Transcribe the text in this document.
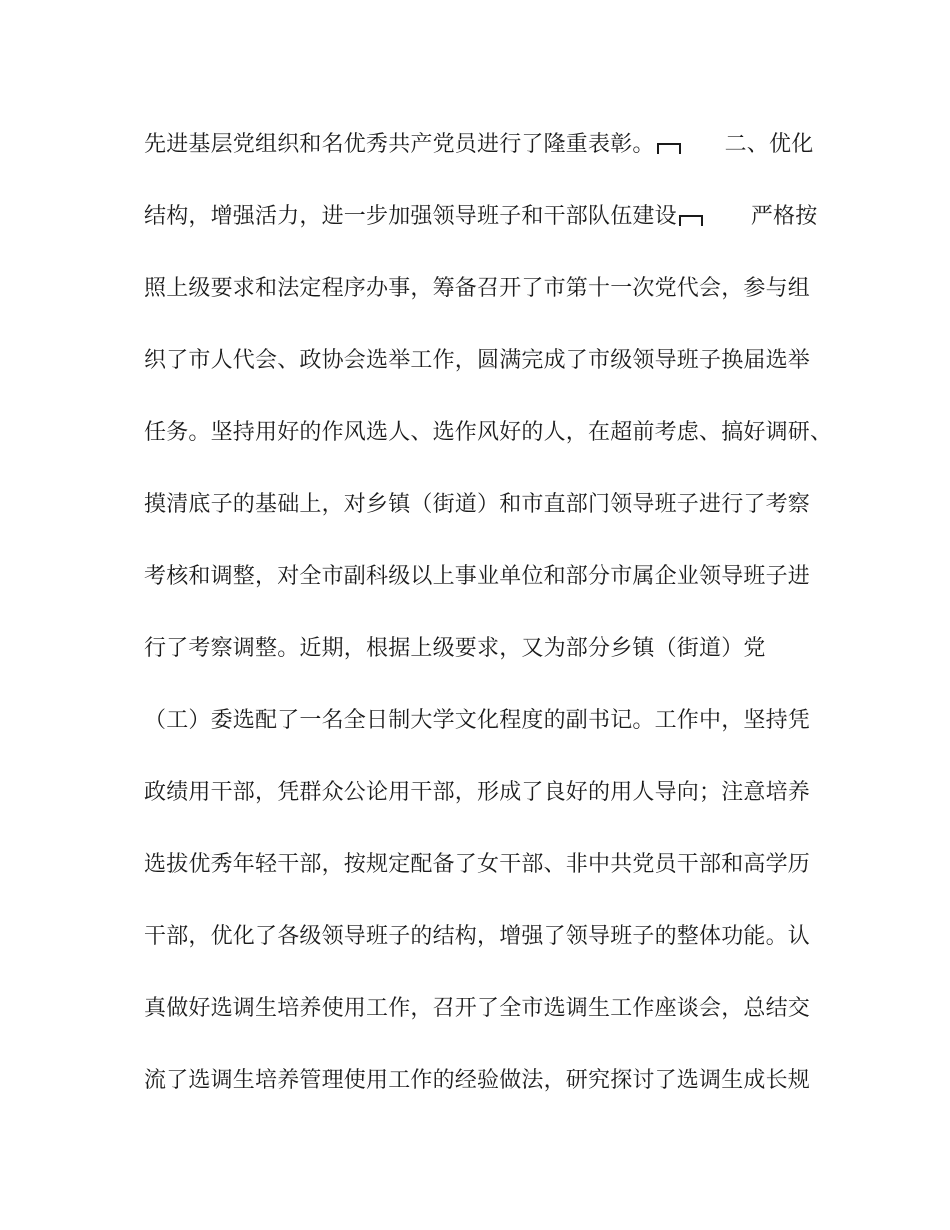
先进基层党组织和名优秀共产党员进行了隆重表彰。	二、优化
结构，增强活力，进一步加强领导班子和干部队伍建设	严格按
照上级要求和法定程序办事，筹备召开了市第十一次党代会，参与组
织了市人代会、政协会选举工作，圆满完成了市级领导班子换届选举
任务。坚持用好的作风选人、选作风好的人，在超前考虑、搞好调研、
摸清底子的基础上，对乡镇（街道）和市直部门领导班子进行了考察
考核和调整，对全市副科级以上事业单位和部分市属企业领导班子进
行了考察调整。近期，根据上级要求，又为部分乡镇（街道）党
（工）委选配了一名全日制大学文化程度的副书记。工作中，坚持凭
政绩用干部，凭群众公论用干部，形成了良好的用人导向；注意培养
选拔优秀年轻干部，按规定配备了女干部、非中共党员干部和高学历
干部，优化了各级领导班子的结构，增强了领导班子的整体功能。认
真做好选调生培养使用工作，召开了全市选调生工作座谈会，总结交
流了选调生培养管理使用工作的经验做法，研究探讨了选调生成长规
